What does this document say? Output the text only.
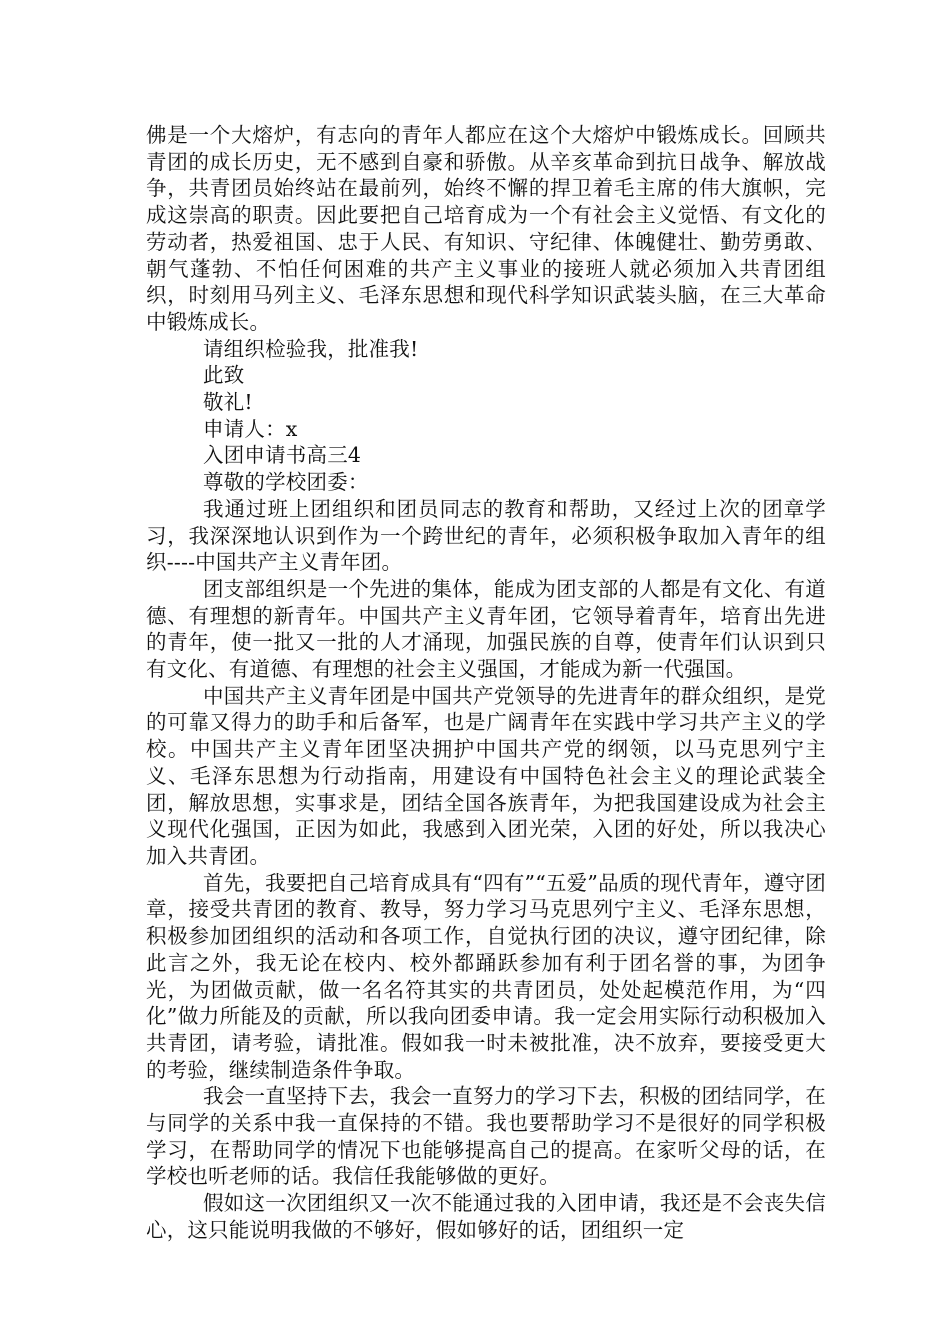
佛是一个大熔炉，有志向的青年人都应在这个大熔炉中锻炼成长。回顾共青团的成长历史，无不感到自豪和骄傲。从辛亥革命到抗日战争、解放战争，共青团员始终站在最前列，始终不懈的捍卫着毛主席的伟大旗帜，完成这崇高的职责。因此要把自己培育成为一个有社会主义觉悟、有文化的劳动者，热爱祖国、忠于人民、有知识、守纪律、体魄健壮、勤劳勇敢、朝气蓬勃、不怕任何困难的共产主义事业的接班人就必须加入共青团组织，时刻用马列主义、毛泽东思想和现代科学知识武装头脑，在三大革命中锻炼成长。

请组织检验我，批准我!

此致

敬礼!

申请人：x

入团申请书高三4

尊敬的学校团委：

我通过班上团组织和团员同志的教育和帮助，又经过上次的团章学习，我深深地认识到作为一个跨世纪的青年，必须积极争取加入青年的组织----中国共产主义青年团。

团支部组织是一个先进的集体，能成为团支部的人都是有文化、有道德、有理想的新青年。中国共产主义青年团，它领导着青年，培育出先进的青年，使一批又一批的人才涌现，加强民族的自尊，使青年们认识到只有文化、有道德、有理想的社会主义强国，才能成为新一代强国。

中国共产主义青年团是中国共产党领导的先进青年的群众组织，是党的可靠又得力的助手和后备军，也是广阔青年在实践中学习共产主义的学校。中国共产主义青年团坚决拥护中国共产党的纲领，以马克思列宁主义、毛泽东思想为行动指南，用建设有中国特色社会主义的理论武装全团，解放思想，实事求是，团结全国各族青年，为把我国建设成为社会主义现代化强国，正因为如此，我感到入团光荣，入团的好处，所以我决心加入共青团。

首先，我要把自己培育成具有“四有”“五爱”品质的现代青年，遵守团章，接受共青团的教育、教导，努力学习马克思列宁主义、毛泽东思想，积极参加团组织的活动和各项工作，自觉执行团的决议，遵守团纪律，除此言之外，我无论在校内、校外都踊跃参加有利于团名誉的事，为团争光，为团做贡献，做一名名符其实的共青团员，处处起模范作用，为“四化”做力所能及的贡献，所以我向团委申请。我一定会用实际行动积极加入共青团，请考验，请批准。假如我一时未被批准，决不放弃，要接受更大的考验，继续制造条件争取。

我会一直坚持下去，我会一直努力的学习下去，积极的团结同学，在与同学的关系中我一直保持的不错。我也要帮助学习不是很好的同学积极学习，在帮助同学的情况下也能够提高自己的提高。在家听父母的话，在学校也听老师的话。我信任我能够做的更好。

假如这一次团组织又一次不能通过我的入团申请，我还是不会丧失信心，这只能说明我做的不够好，假如够好的话，团组织一定
